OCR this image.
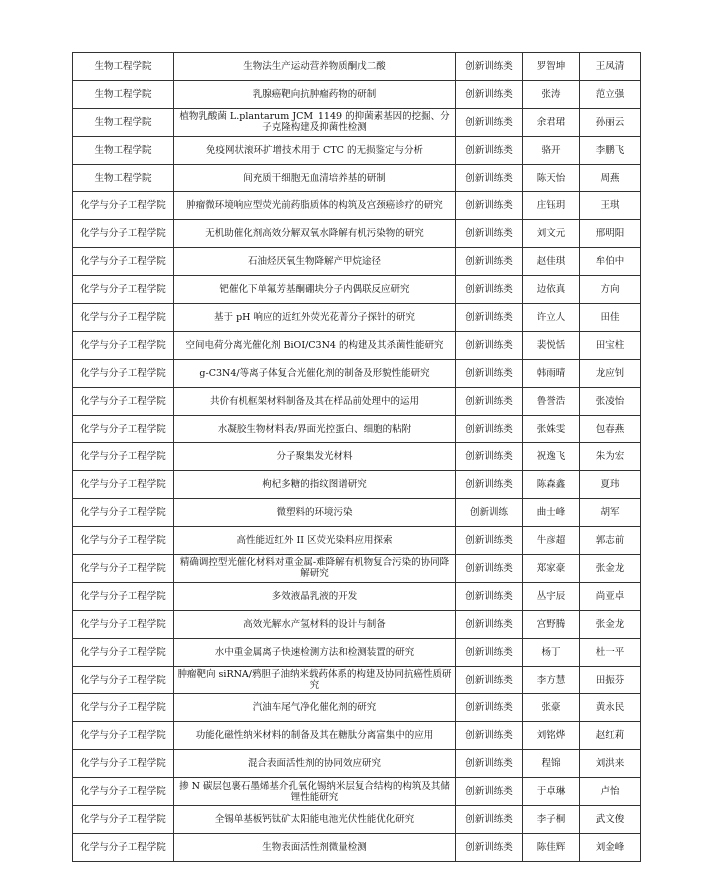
生物工程学院	生物法生产运动营养物质酮戊二酸	创新训练类	罗智坤	王凤清
生物工程学院	乳腺癌靶向抗肿瘤药物的研制	创新训练类	张涛	范立强
生物工程学院	植物乳酸菌 L.plantarum JCM_1149 的抑菌素基因的挖掘、分子克隆构建及抑菌性检测	创新训练类	余君珺	孙丽云
生物工程学院	免疫网状滚环扩增技术用于 CTC 的无损鉴定与分析	创新训练类	骆开	李鹏飞
生物工程学院	间充质干细胞无血清培养基的研制	创新训练类	陈天怡	周燕
化学与分子工程学院	肿瘤微环境响应型荧光前药脂质体的构筑及宫颈癌诊疗的研究	创新训练类	庄钰玥	王琪
化学与分子工程学院	无机助催化剂高效分解双氧水降解有机污染物的研究	创新训练类	刘文元	邢明阳
化学与分子工程学院	石油烃厌氧生物降解产甲烷途径	创新训练类	赵佳琪	牟伯中
化学与分子工程学院	钯催化下单氟芳基酮硼块分子内偶联反应研究	创新训练类	边依真	方向
化学与分子工程学院	基于 pH 响应的近红外荧光花菁分子探针的研究	创新训练类	许立人	田佳
化学与分子工程学院	空间电荷分离光催化剂 BiOI/C3N4 的构建及其杀菌性能研究	创新训练类	裴悦恬	田宝柱
化学与分子工程学院	g-C3N4/等离子体复合光催化剂的制备及形貌性能研究	创新训练类	韩雨晴	龙应钊
化学与分子工程学院	共价有机框架材料制备及其在样品前处理中的运用	创新训练类	鲁誉浩	张凌怡
化学与分子工程学院	水凝胶生物材料表/界面光控蛋白、细胞的粘附	创新训练类	张姝雯	包春燕
化学与分子工程学院	分子聚集发光材料	创新训练类	祝逸飞	朱为宏
化学与分子工程学院	枸杞多糖的指纹图谱研究	创新训练类	陈森鑫	夏玮
化学与分子工程学院	微塑料的环境污染	创新训练	曲士峰	胡军
化学与分子工程学院	高性能近红外 II 区荧光染料应用探索	创新训练类	牛彦超	郭志前
化学与分子工程学院	精确调控型光催化材料对重金属-难降解有机物复合污染的协同降解研究	创新训练类	郑家豪	张金龙
化学与分子工程学院	多效液晶乳液的开发	创新训练类	丛宇辰	尚亚卓
化学与分子工程学院	高效光解水产氢材料的设计与制备	创新训练类	宫野腾	张金龙
化学与分子工程学院	水中重金属离子快速检测方法和检测装置的研究	创新训练类	杨丁	杜一平
化学与分子工程学院	肿瘤靶向 siRNA/鸦胆子油纳米载药体系的构建及协同抗癌性质研究	创新训练类	李方慧	田振芬
化学与分子工程学院	汽油车尾气净化催化剂的研究	创新训练类	张豪	黄永民
化学与分子工程学院	功能化磁性纳米材料的制备及其在糖肽分离富集中的应用	创新训练类	刘铭烨	赵红莉
化学与分子工程学院	混合表面活性剂的协同效应研究	创新训练类	程锦	刘洪来
化学与分子工程学院	掺 N 碳层包裹石墨烯基介孔氧化锡纳米层复合结构的构筑及其储锂性能研究	创新训练类	于卓琳	卢怡
化学与分子工程学院	全锡单基板钙钛矿太阳能电池光伏性能优化研究	创新训练类	李子桐	武文俊
化学与分子工程学院	生物表面活性剂微量检测	创新训练类	陈佳辉	刘金峰
